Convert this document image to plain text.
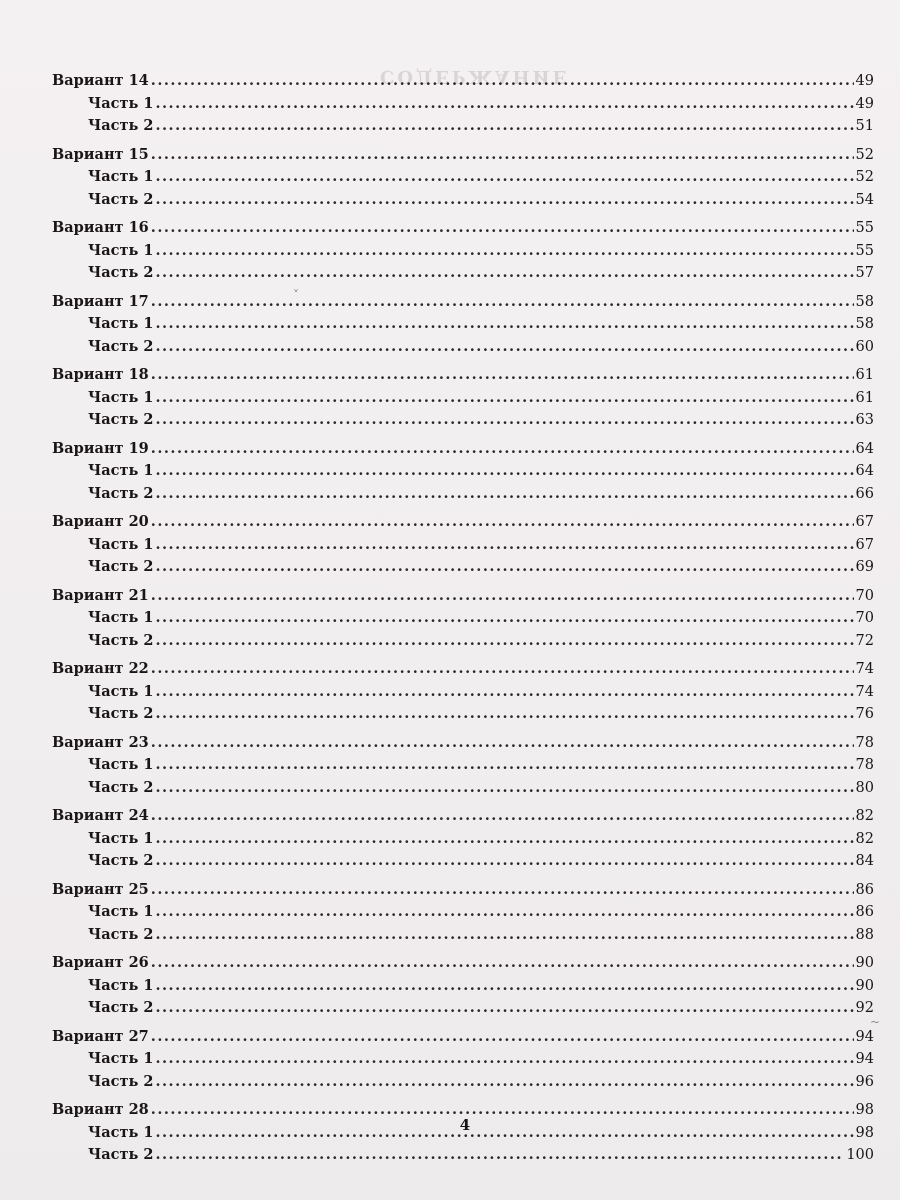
СОДЕРЖАНИЕ
˅
~
Вариант 14 .....	49
Часть 1 .....	49
Часть 2 .....	51
Вариант 15 .....	52
Часть 1 .....	52
Часть 2 .....	54
Вариант 16 .....	55
Часть 1 .....	55
Часть 2 .....	57
Вариант 17 .....	58
Часть 1 .....	58
Часть 2 .....	60
Вариант 18 .....	61
Часть 1 .....	61
Часть 2 .....	63
Вариант 19 .....	64
Часть 1 .....	64
Часть 2 .....	66
Вариант 20 .....	67
Часть 1 .....	67
Часть 2 .....	69
Вариант 21 .....	70
Часть 1 .....	70
Часть 2 .....	72
Вариант 22 .....	74
Часть 1 .....	74
Часть 2 .....	76
Вариант 23 .....	78
Часть 1 .....	78
Часть 2 .....	80
Вариант 24 .....	82
Часть 1 .....	82
Часть 2 .....	84
Вариант 25 .....	86
Часть 1 .....	86
Часть 2 .....	88
Вариант 26 .....	90
Часть 1 .....	90
Часть 2 .....	92
Вариант 27 .....	94
Часть 1 .....	94
Часть 2 .....	96
Вариант 28 .....	98
Часть 1 .....	98
Часть 2 .....	100
4
